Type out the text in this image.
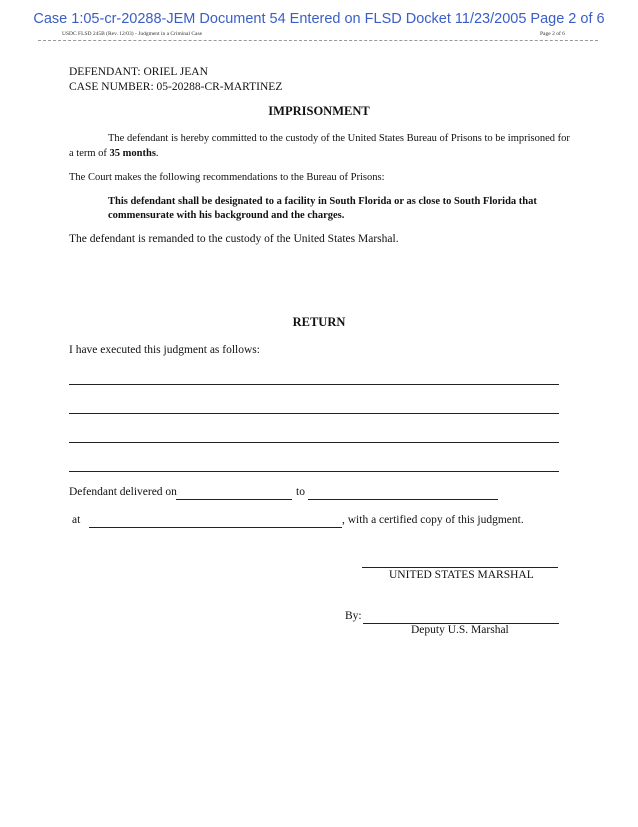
Case 1:05-cr-20288-JEM Document 54 Entered on FLSD Docket 11/23/2005 Page 2 of 6
USDC FLSD 245B (Rev. 12/03) - Judgment in a Criminal Case	Page 2 of 6
DEFENDANT: ORIEL JEAN
CASE NUMBER: 05-20288-CR-MARTINEZ
IMPRISONMENT
The defendant is hereby committed to the custody of the United States Bureau of Prisons to be imprisoned for
a term of 35 months.
The Court makes the following recommendations to the Bureau of Prisons:
This defendant shall be designated to a facility in South Florida or as close to South Florida that
commensurate with his background and the charges.
The defendant is remanded to the custody of the United States Marshal.
RETURN
I have executed this judgment as follows:
Defendant delivered on	to
at	, with a certified copy of this judgment.
UNITED STATES MARSHAL
By:
Deputy U.S. Marshal
